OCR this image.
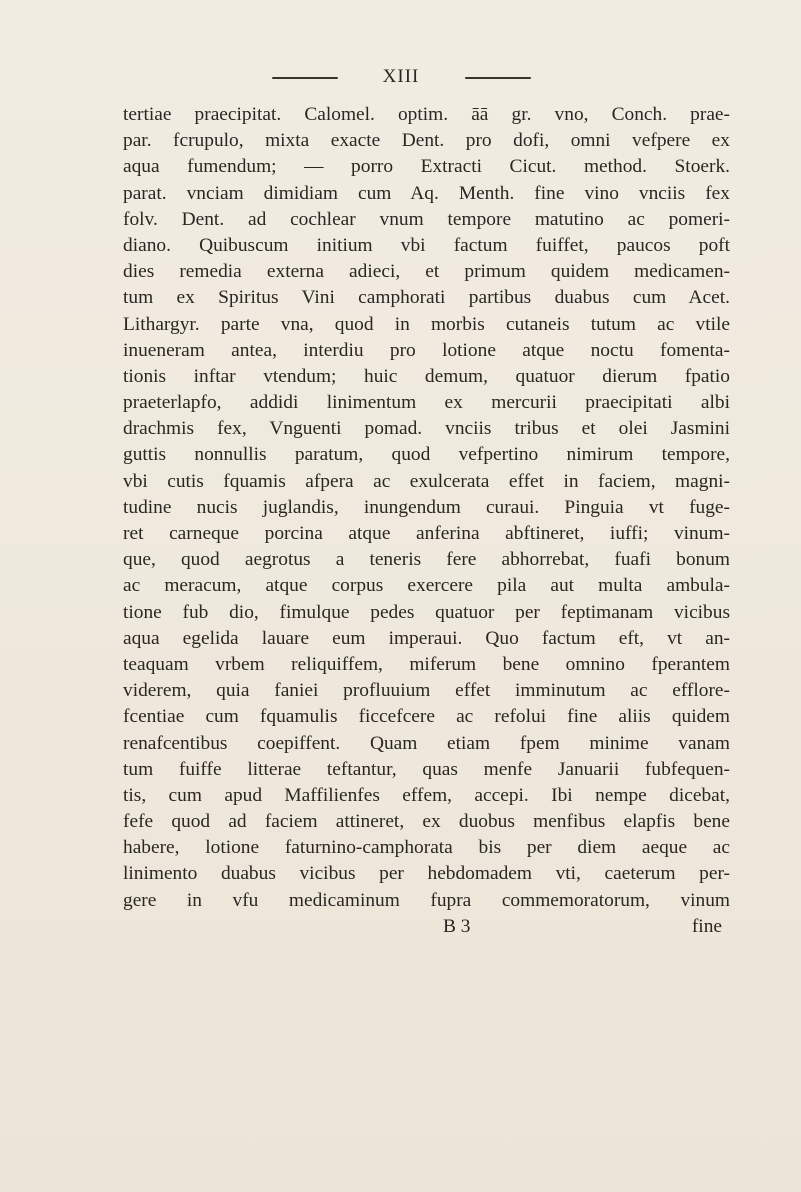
XIII
tertiae praecipitat. Calomel. optim. āā gr. vno, Conch. prae-
par. fcrupulo, mixta exacte Dent. pro dofi, omni vefpere ex
aqua fumendum; — porro Extracti Cicut. method. Stoerk.
parat. vnciam dimidiam cum Aq. Menth. fine vino vnciis fex
folv. Dent. ad cochlear vnum tempore matutino ac pomeri-
diano. Quibuscum initium vbi factum fuiffet, paucos poft
dies remedia externa adieci, et primum quidem medicamen-
tum ex Spiritus Vini camphorati partibus duabus cum Acet.
Lithargyr. parte vna, quod in morbis cutaneis tutum ac vtile
inueneram antea, interdiu pro lotione atque noctu fomenta-
tionis inftar vtendum; huic demum, quatuor dierum fpatio
praeterlapfo, addidi linimentum ex mercurii praecipitati albi
drachmis fex, Vnguenti pomad. vnciis tribus et olei Jasmini
guttis nonnullis paratum, quod vefpertino nimirum tempore,
vbi cutis fquamis afpera ac exulcerata effet in faciem, magni-
tudine nucis juglandis, inungendum curaui. Pinguia vt fuge-
ret carneque porcina atque anferina abftineret, iuffi; vinum-
que, quod aegrotus a teneris fere abhorrebat, fuafi bonum
ac meracum, atque corpus exercere pila aut multa ambula-
tione fub dio, fimulque pedes quatuor per feptimanam vicibus
aqua egelida lauare eum imperaui. Quo factum eft, vt an-
teaquam vrbem reliquiffem, miferum bene omnino fperantem
viderem, quia faniei profluuium effet imminutum ac efflore-
fcentiae cum fquamulis ficcefcere ac refolui fine aliis quidem
renafcentibus coepiffent. Quam etiam fpem minime vanam
tum fuiffe litterae teftantur, quas menfe Januarii fubfequen-
tis, cum apud Maffilienfes effem, accepi. Ibi nempe dicebat,
fefe quod ad faciem attineret, ex duobus menfibus elapfis bene
habere, lotione faturnino-camphorata bis per diem aeque ac
linimento duabus vicibus per hebdomadem vti, caeterum per-
gere in vfu medicaminum fupra commemoratorum, vinum
B 3	fine
